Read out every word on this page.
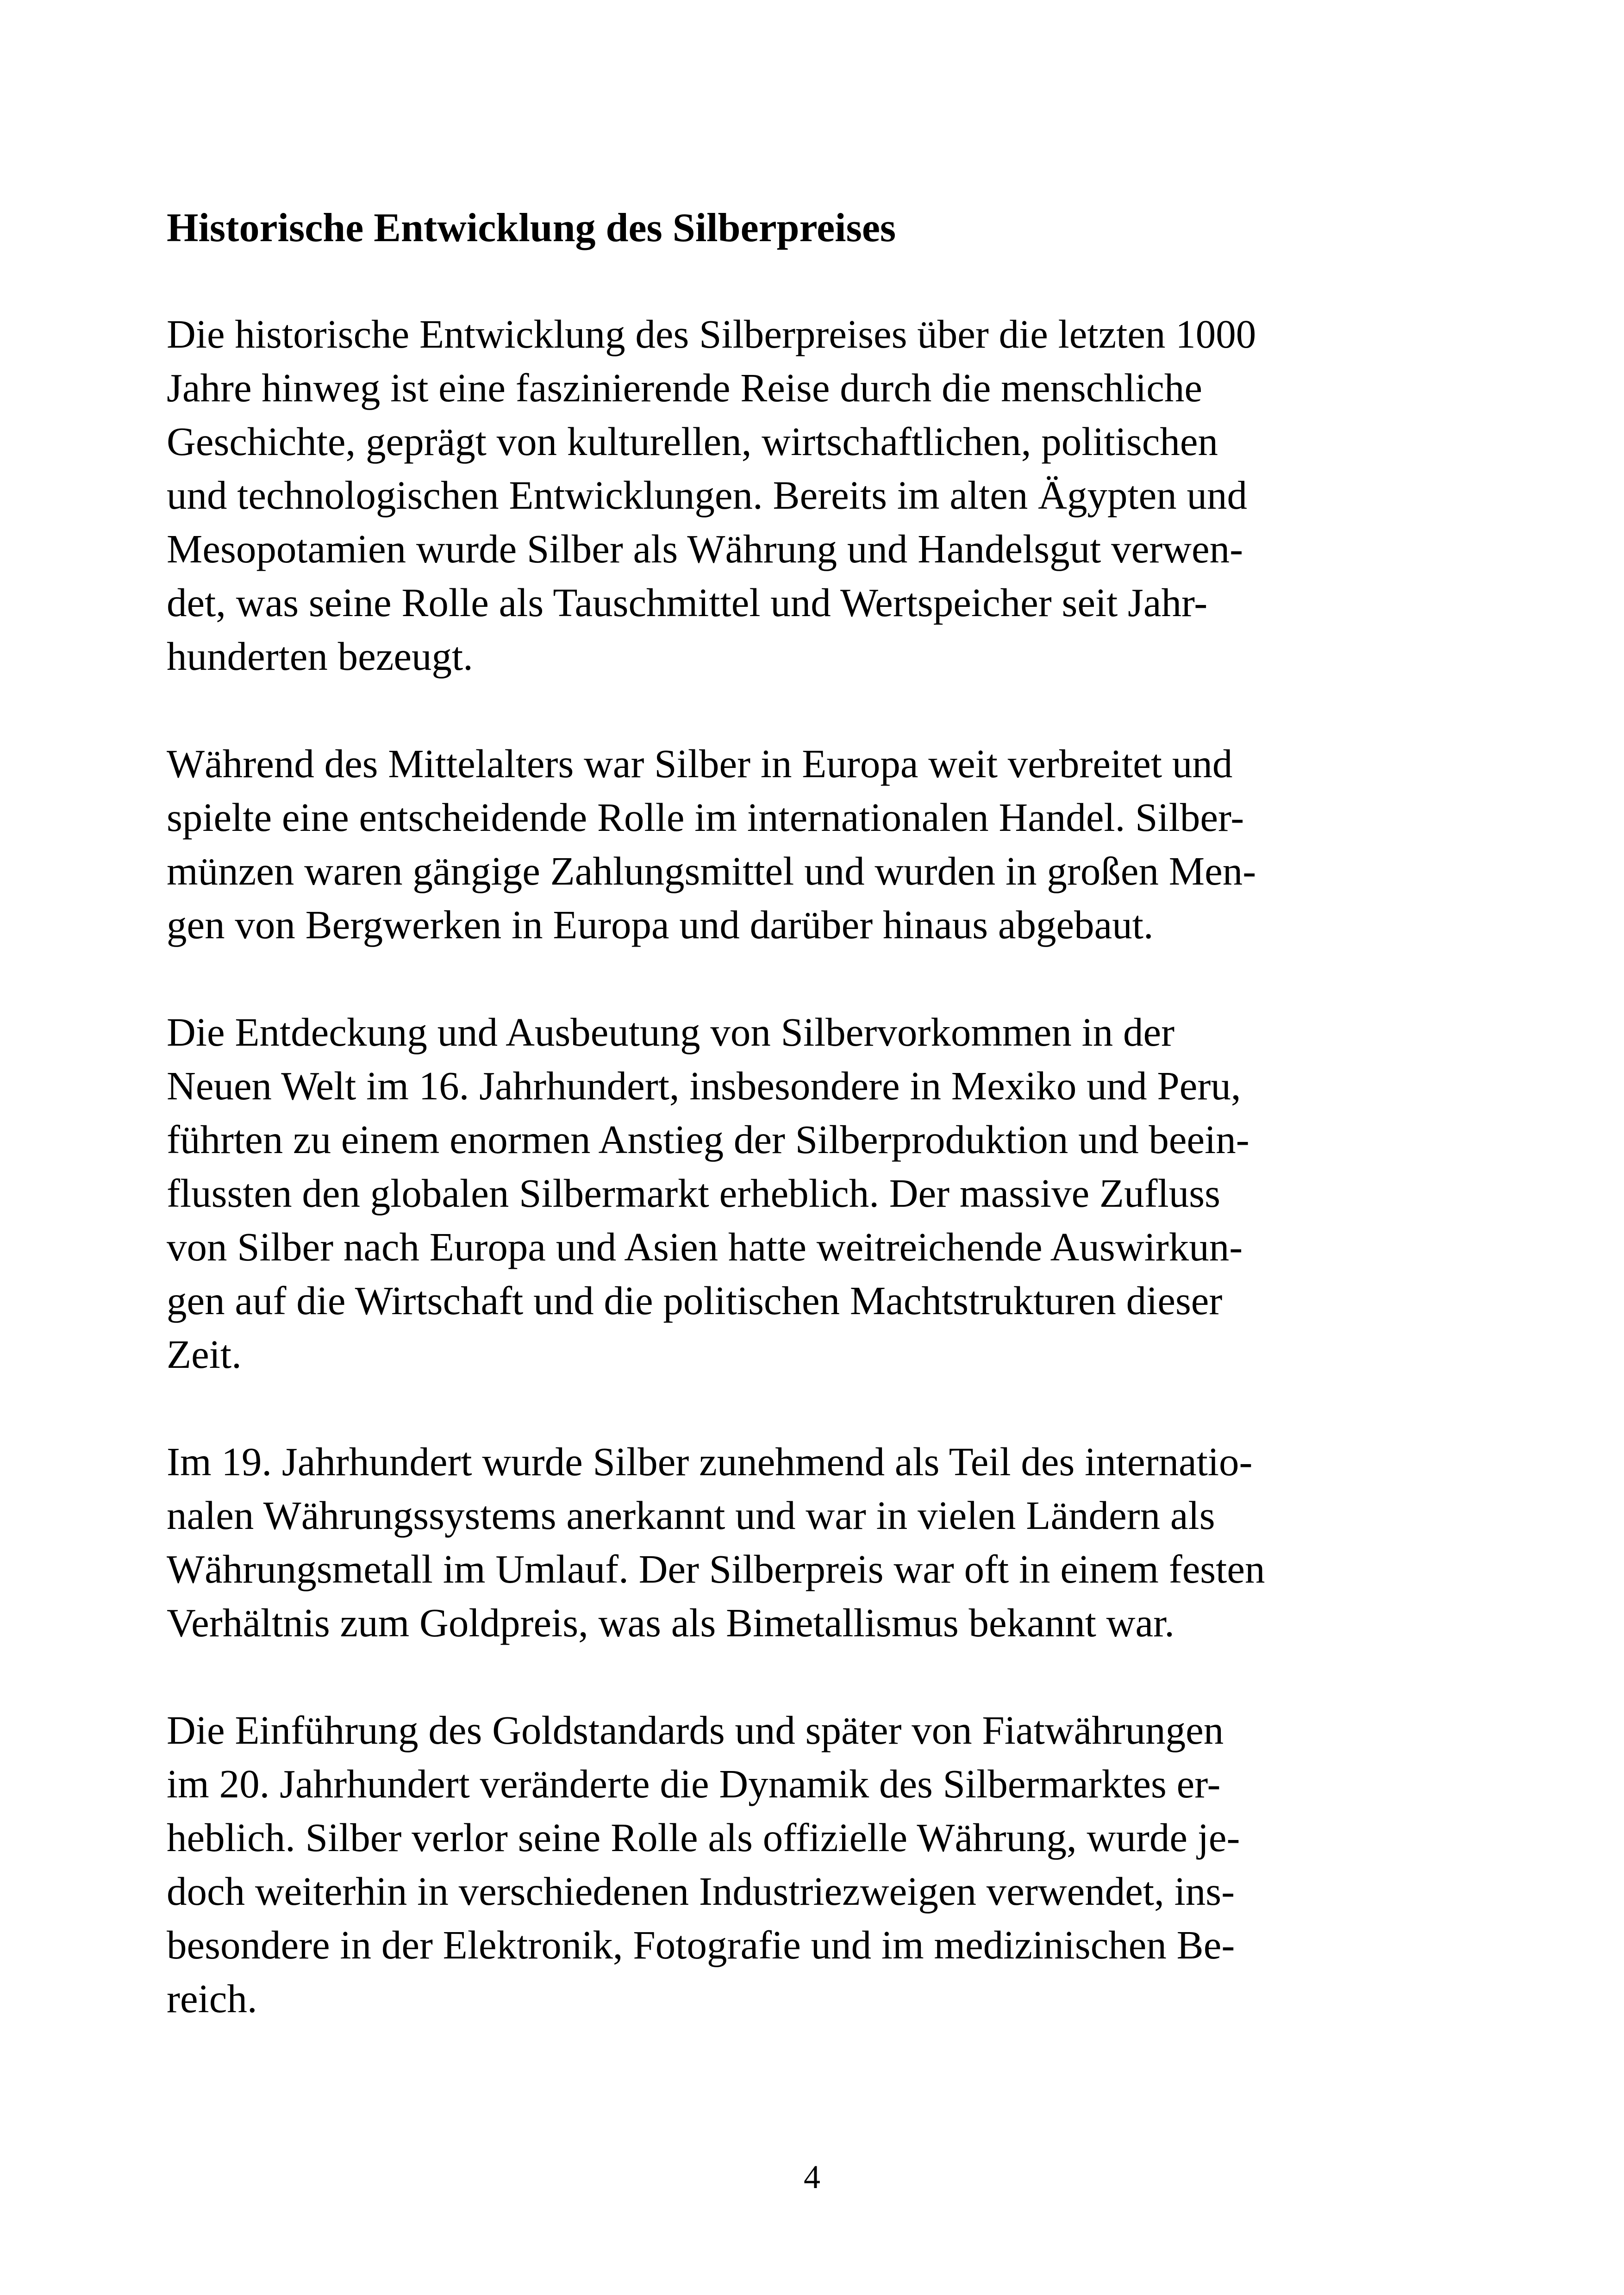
Historische Entwicklung des Silberpreises
Die historische Entwicklung des Silberpreises über die letzten 1000
Jahre hinweg ist eine faszinierende Reise durch die menschliche
Geschichte, geprägt von kulturellen, wirtschaftlichen, politischen
und technologischen Entwicklungen. Bereits im alten Ägypten und
Mesopotamien wurde Silber als Währung und Handelsgut verwen-
det, was seine Rolle als Tauschmittel und Wertspeicher seit Jahr-
hunderten bezeugt.
Während des Mittelalters war Silber in Europa weit verbreitet und
spielte eine entscheidende Rolle im internationalen Handel. Silber-
münzen waren gängige Zahlungsmittel und wurden in großen Men-
gen von Bergwerken in Europa und darüber hinaus abgebaut.
Die Entdeckung und Ausbeutung von Silbervorkommen in der
Neuen Welt im 16. Jahrhundert, insbesondere in Mexiko und Peru,
führten zu einem enormen Anstieg der Silberproduktion und beein-
flussten den globalen Silbermarkt erheblich. Der massive Zufluss
von Silber nach Europa und Asien hatte weitreichende Auswirkun-
gen auf die Wirtschaft und die politischen Machtstrukturen dieser
Zeit.
Im 19. Jahrhundert wurde Silber zunehmend als Teil des internatio-
nalen Währungssystems anerkannt und war in vielen Ländern als
Währungsmetall im Umlauf. Der Silberpreis war oft in einem festen
Verhältnis zum Goldpreis, was als Bimetallismus bekannt war.
Die Einführung des Goldstandards und später von Fiatwährungen
im 20. Jahrhundert veränderte die Dynamik des Silbermarktes er-
heblich. Silber verlor seine Rolle als offizielle Währung, wurde je-
doch weiterhin in verschiedenen Industriezweigen verwendet, ins-
besondere in der Elektronik, Fotografie und im medizinischen Be-
reich.
4
